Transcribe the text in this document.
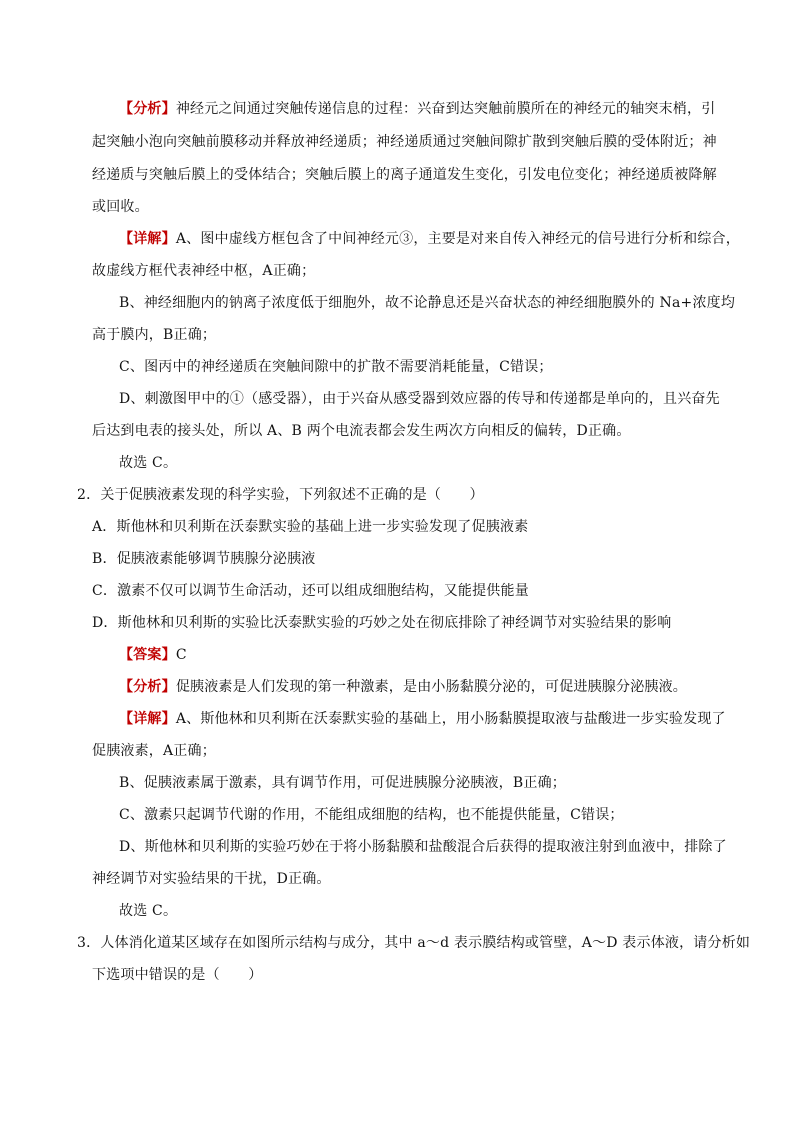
【分析】神经元之间通过突触传递信息的过程：兴奋到达突触前膜所在的神经元的轴突末梢，引
起突触小泡向突触前膜移动并释放神经递质；神经递质通过突触间隙扩散到突触后膜的受体附近；神
经递质与突触后膜上的受体结合；突触后膜上的离子通道发生变化，引发电位变化；神经递质被降解
或回收。
【详解】A、图中虚线方框包含了中间神经元③，主要是对来自传入神经元的信号进行分析和综合，
故虚线方框代表神经中枢，A正确；
B、神经细胞内的钠离子浓度低于细胞外，故不论静息还是兴奋状态的神经细胞膜外的 Na+浓度均
高于膜内，B正确；
C、图丙中的神经递质在突触间隙中的扩散不需要消耗能量，C错误；
D、刺激图甲中的①（感受器），由于兴奋从感受器到效应器的传导和传递都是单向的，且兴奋先
后达到电表的接头处，所以 A、B 两个电流表都会发生两次方向相反的偏转，D正确。
故选 C。
2．关于促胰液素发现的科学实验，下列叙述不正确的是（　　）
A．斯他林和贝利斯在沃泰默实验的基础上进一步实验发现了促胰液素
B．促胰液素能够调节胰腺分泌胰液
C．激素不仅可以调节生命活动，还可以组成细胞结构，又能提供能量
D．斯他林和贝利斯的实验比沃泰默实验的巧妙之处在彻底排除了神经调节对实验结果的影响
【答案】C
【分析】促胰液素是人们发现的第一种激素，是由小肠黏膜分泌的，可促进胰腺分泌胰液。
【详解】A、斯他林和贝利斯在沃泰默实验的基础上，用小肠黏膜提取液与盐酸进一步实验发现了
促胰液素，A正确；
B、促胰液素属于激素，具有调节作用，可促进胰腺分泌胰液，B正确；
C、激素只起调节代谢的作用，不能组成细胞的结构，也不能提供能量，C错误；
D、斯他林和贝利斯的实验巧妙在于将小肠黏膜和盐酸混合后获得的提取液注射到血液中，排除了
神经调节对实验结果的干扰，D正确。
故选 C。
3．人体消化道某区域存在如图所示结构与成分，其中 a～d 表示膜结构或管壁，A～D 表示体液，请分析如
下选项中错误的是（　　）
